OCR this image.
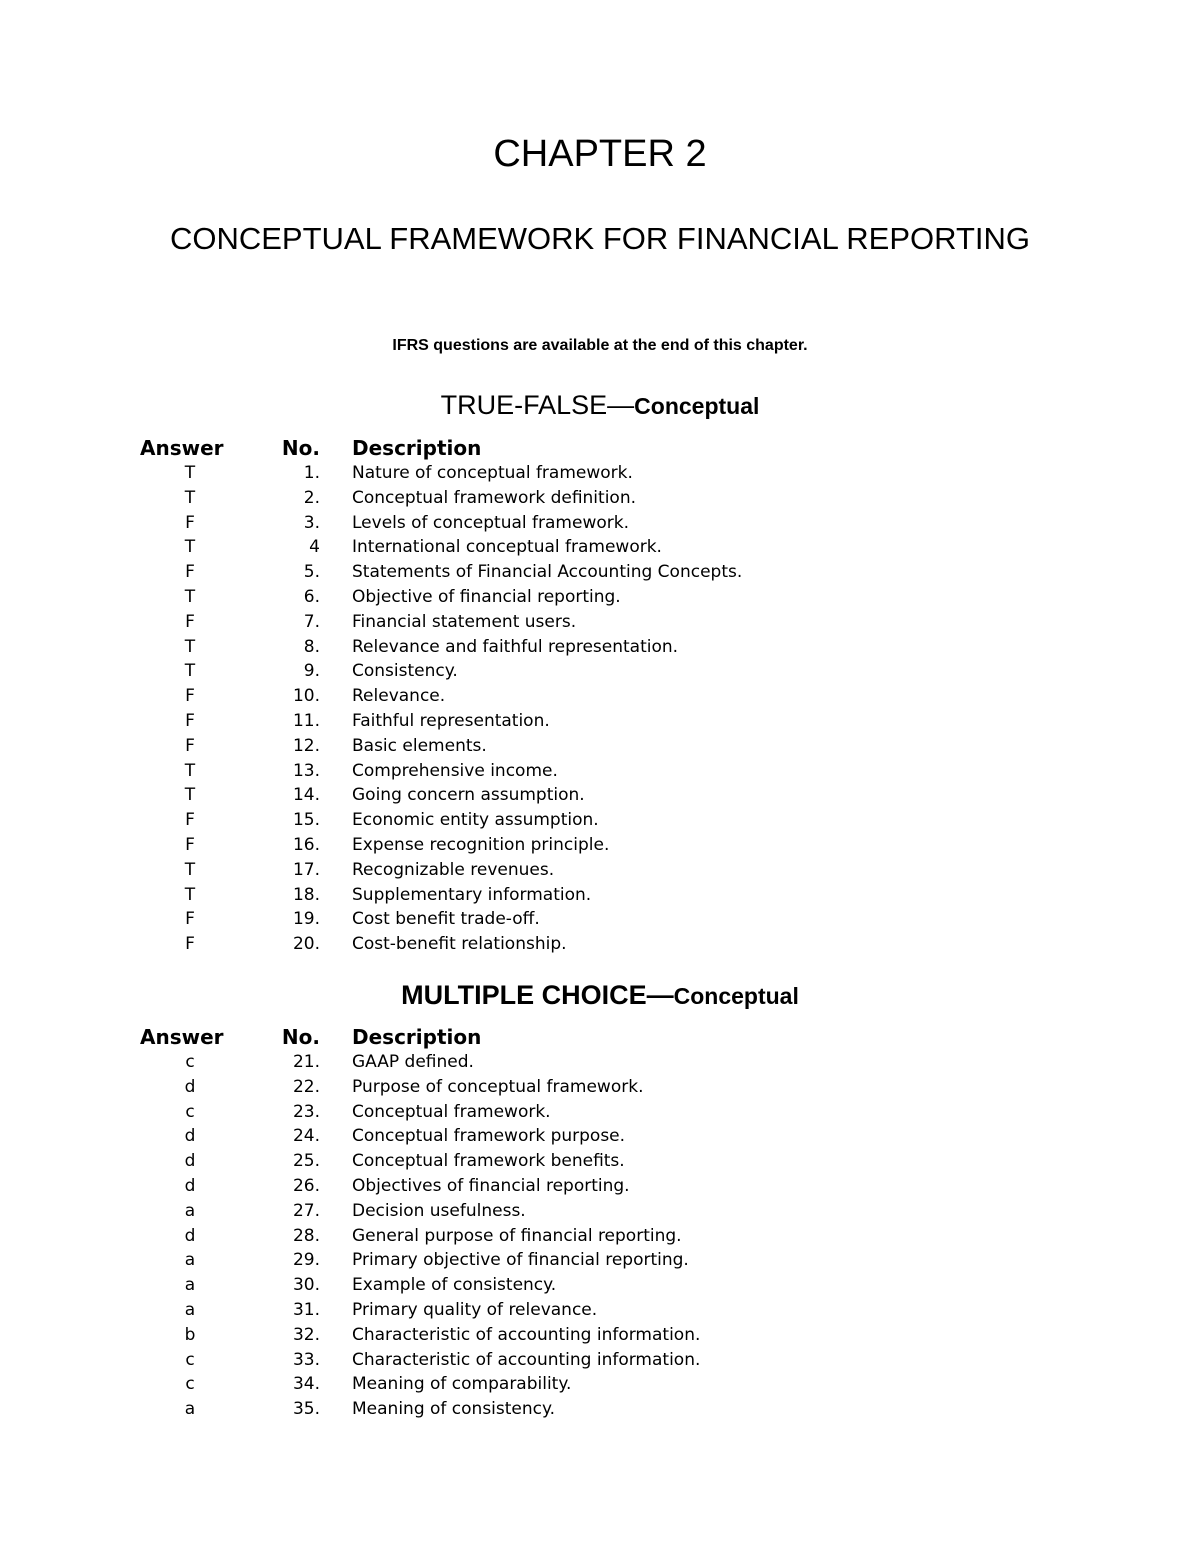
CHAPTER 2
CONCEPTUAL FRAMEWORK FOR FINANCIAL REPORTING
IFRS questions are available at the end of this chapter.
TRUE-FALSE—Conceptual
Answer	No.	Description
T	1.	Nature of conceptual framework.
T	2.	Conceptual framework definition.
F	3.	Levels of conceptual framework.
T	4	International conceptual framework.
F	5.	Statements of Financial Accounting Concepts.
T	6.	Objective of financial reporting.
F	7.	Financial statement users.
T	8.	Relevance and faithful representation.
T	9.	Consistency.
F	10.	Relevance.
F	11.	Faithful representation.
F	12.	Basic elements.
T	13.	Comprehensive income.
T	14.	Going concern assumption.
F	15.	Economic entity assumption.
F	16.	Expense recognition principle.
T	17.	Recognizable revenues.
T	18.	Supplementary information.
F	19.	Cost benefit trade-off.
F	20.	Cost-benefit relationship.
MULTIPLE CHOICE—Conceptual
Answer	No.	Description
c	21.	GAAP defined.
d	22.	Purpose of conceptual framework.
c	23.	Conceptual framework.
d	24.	Conceptual framework purpose.
d	25.	Conceptual framework benefits.
d	26.	Objectives of financial reporting.
a	27.	Decision usefulness.
d	28.	General purpose of financial reporting.
a	29.	Primary objective of financial reporting.
a	30.	Example of consistency.
a	31.	Primary quality of relevance.
b	32.	Characteristic of accounting information.
c	33.	Characteristic of accounting information.
c	34.	Meaning of comparability.
a	35.	Meaning of consistency.
